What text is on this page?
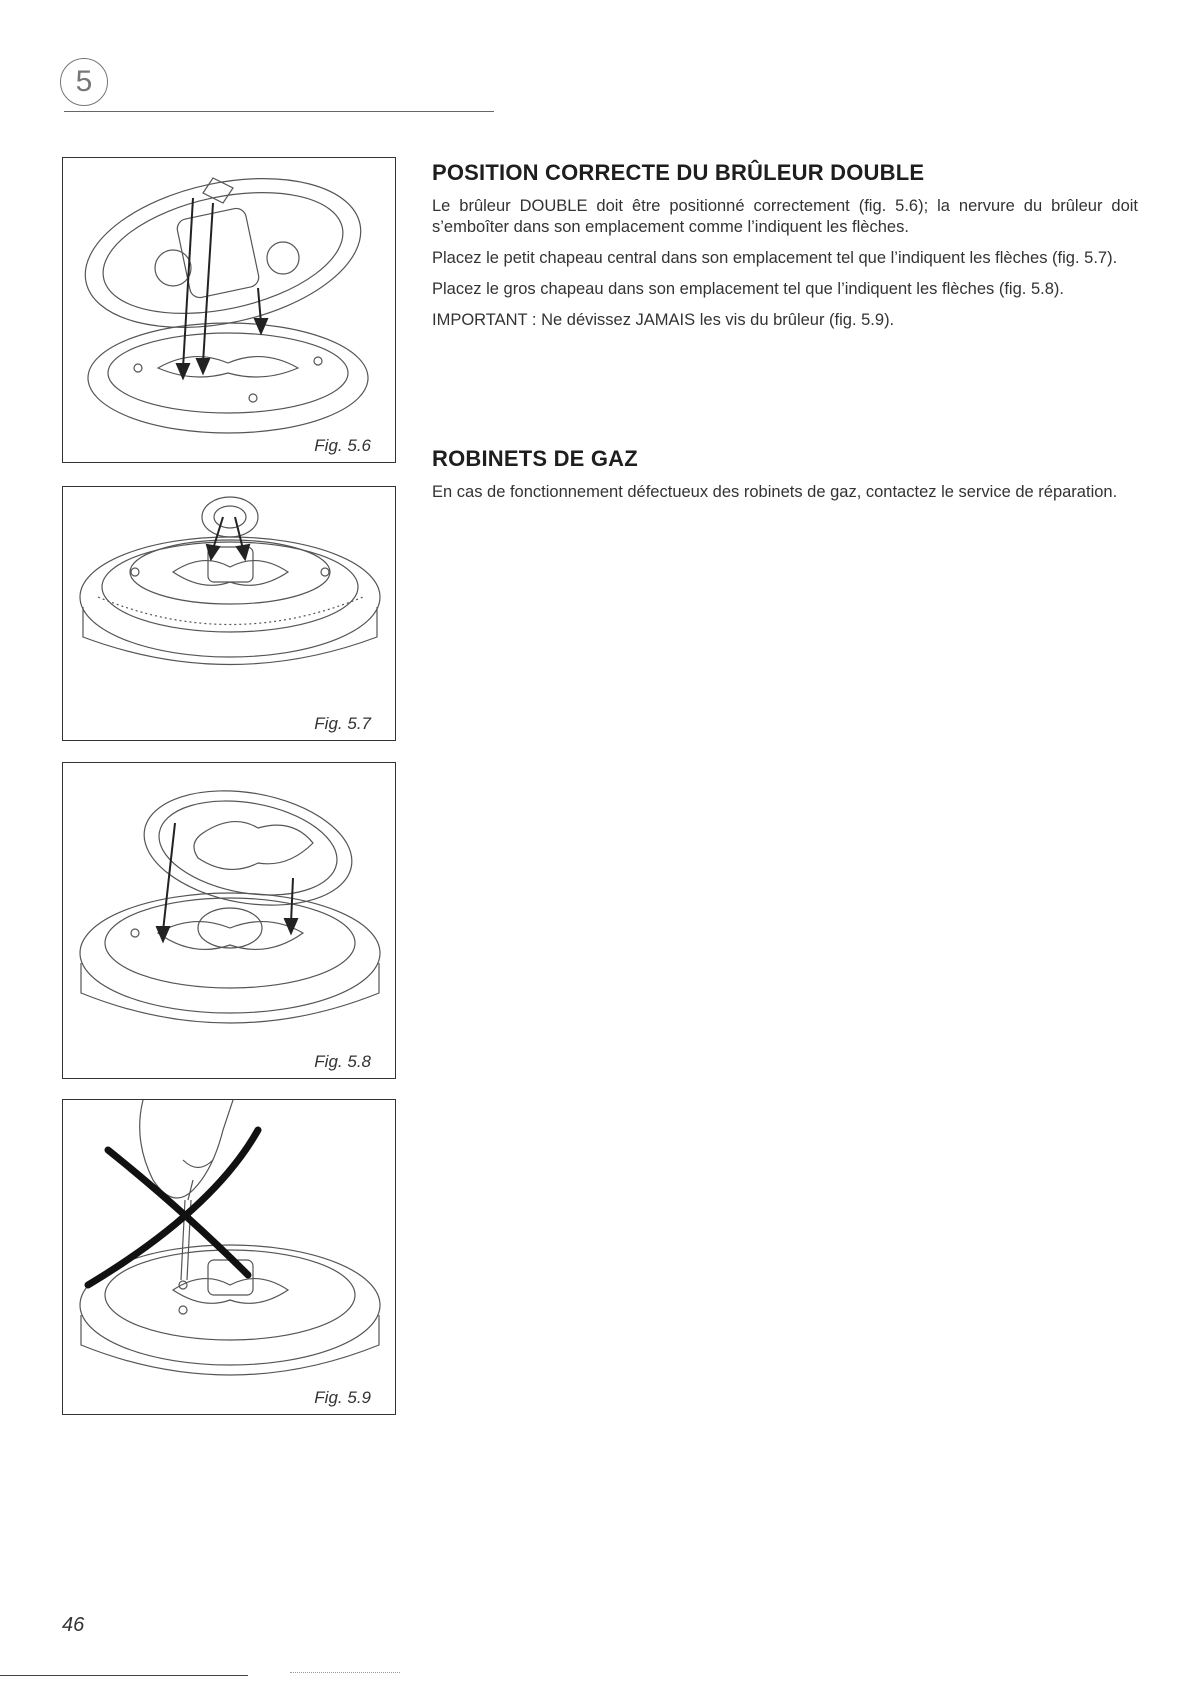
5
Fig. 5.6
Fig. 5.7
Fig. 5.8
Fig. 5.9
POSITION CORRECTE DU BRÛLEUR DOUBLE

Le brûleur DOUBLE doit être positionné correctement (fig. 5.6); la nervure du brûleur doit s’emboîter dans son emplacement comme l’indiquent les flèches.

Placez le petit chapeau central dans son emplacement tel que l’indiquent les flèches (fig. 5.7).

Placez le gros chapeau dans son emplacement tel que l’indiquent les flèches (fig. 5.8).

IMPORTANT : Ne dévissez JAMAIS les vis du brûleur (fig. 5.9).

ROBINETS DE GAZ

En cas de fonctionnement défectueux des robinets de gaz, contactez le service de réparation.

46
